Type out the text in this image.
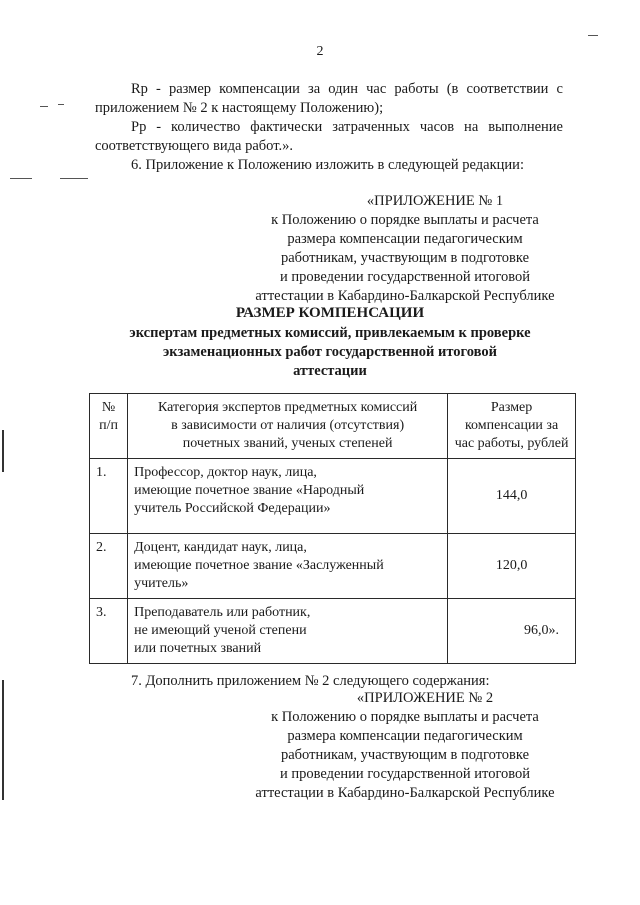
2

Rp - размер компенсации за один час работы (в соответствии с приложением № 2 к настоящему Положению);

Pp - количество фактически затраченных часов на выполнение соответствующего вида работ.».

6. Приложение к Положению изложить в следующей редакции:

«ПРИЛОЖЕНИЕ № 1
к Положению о порядке выплаты и расчета
размера компенсации педагогическим
работникам, участвующим в подготовке
и проведении государственной итоговой
аттестации в Кабардино-Балкарской Республике
РАЗМЕР КОМПЕНСАЦИИ
экспертам предметных комиссий, привлекаемым к проверке
экзаменационных работ государственной итоговой
аттестации
№
п/п	Категория экспертов предметных комиссий
в зависимости от наличия (отсутствия)
почетных званий, ученых степеней	Размер
компенсации за
час работы, рублей

1.	Профессор, доктор наук, лица,
имеющие почетное звание «Народный
учитель Российской Федерации»	144,0
2.	Доцент, кандидат наук, лица,
имеющие почетное звание «Заслуженный
учитель»	120,0
3.	Преподаватель или работник,
не имеющий ученой степени
или почетных званий	96,0».

7. Дополнить приложением № 2 следующего содержания:

«ПРИЛОЖЕНИЕ № 2
к Положению о порядке выплаты и расчета
размера компенсации педагогическим
работникам, участвующим в подготовке
и проведении государственной итоговой
аттестации в Кабардино-Балкарской Республике
